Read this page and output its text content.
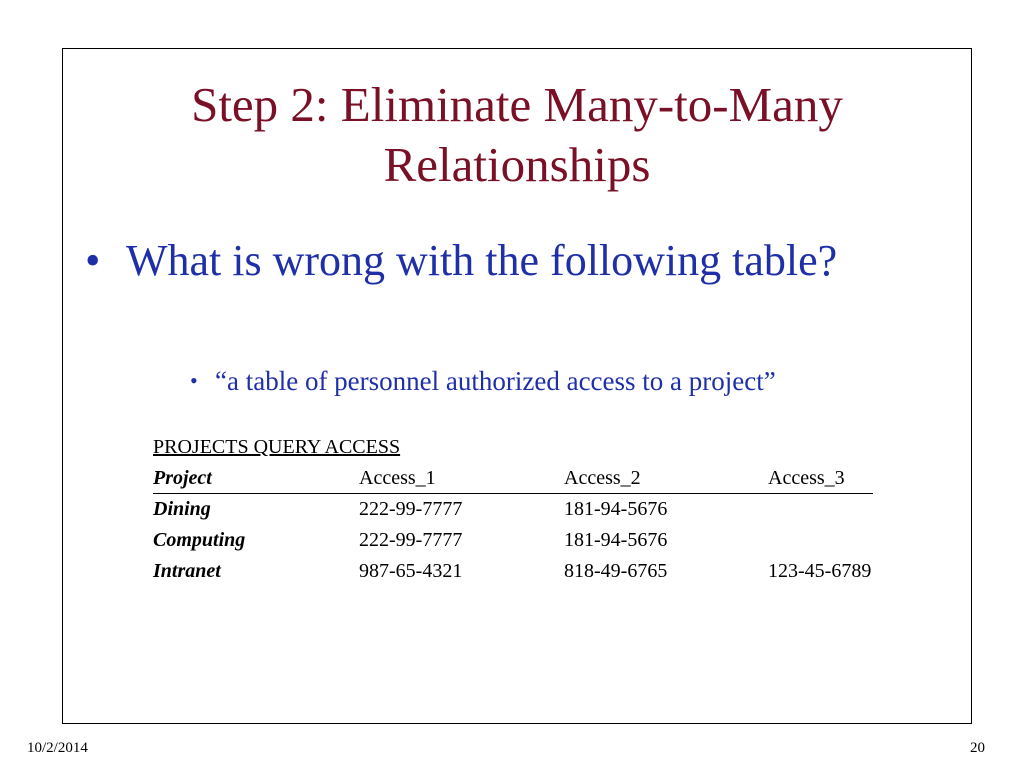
Step 2: Eliminate Many-to-Many Relationships
• What is wrong with the following table?
• “a table of personnel authorized access to a project”
PROJECTS QUERY ACCESS
Project	Access_1	Access_2	Access_3
Dining	222-99-7777	181-94-5676
Computing	222-99-7777	181-94-5676
Intranet	987-65-4321	818-49-6765	123-45-6789
10/2/2014	20
